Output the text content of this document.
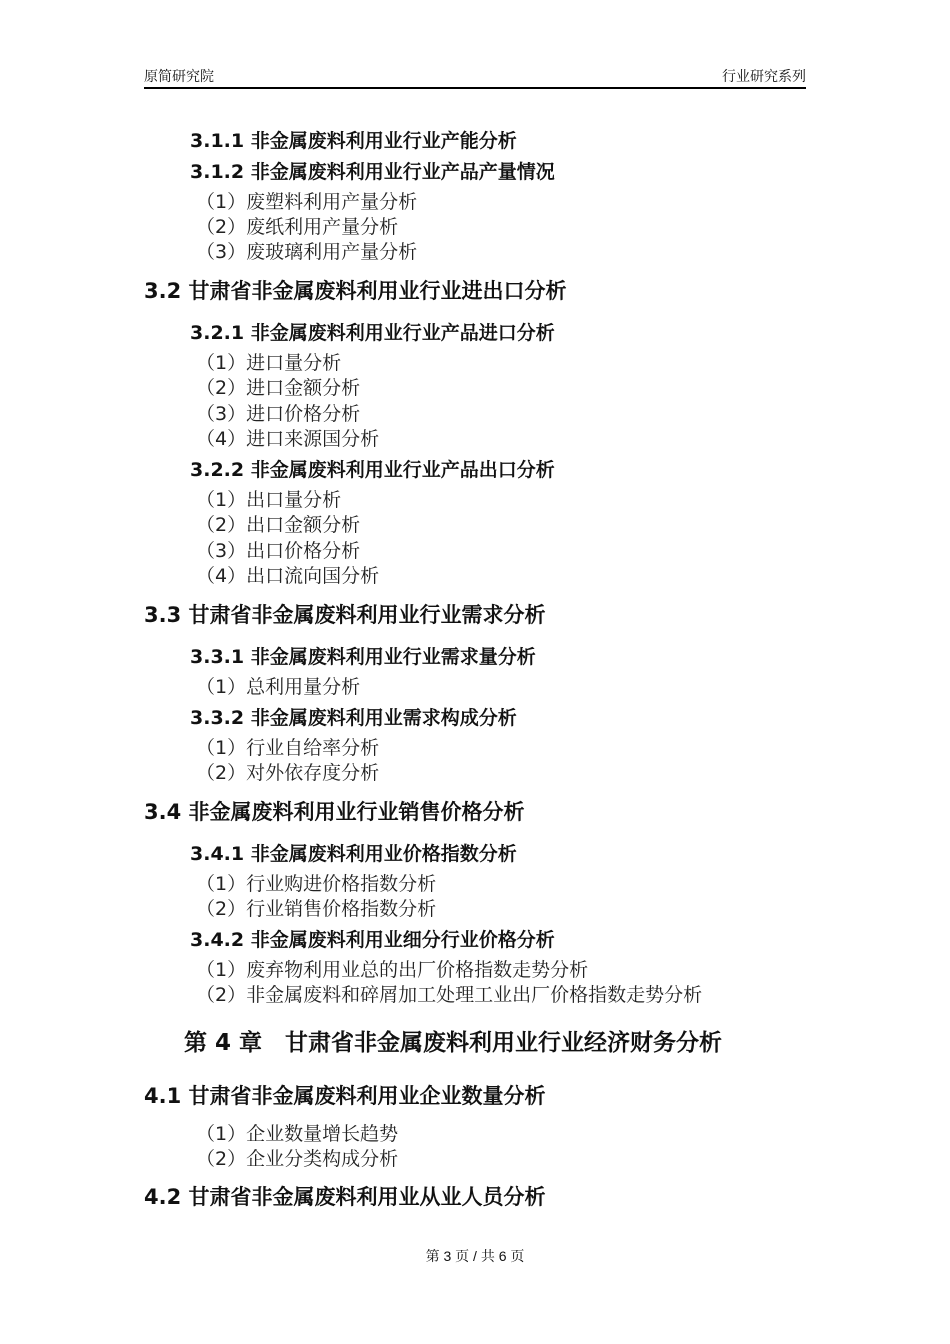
原简研究院	行业研究系列
3.1.1 非金属废料利用业行业产能分析
3.1.2 非金属废料利用业行业产品产量情况
（1）废塑料利用产量分析
（2）废纸利用产量分析
（3）废玻璃利用产量分析
3.2 甘肃省非金属废料利用业行业进出口分析
3.2.1 非金属废料利用业行业产品进口分析
（1）进口量分析
（2）进口金额分析
（3）进口价格分析
（4）进口来源国分析
3.2.2 非金属废料利用业行业产品出口分析
（1）出口量分析
（2）出口金额分析
（3）出口价格分析
（4）出口流向国分析
3.3 甘肃省非金属废料利用业行业需求分析
3.3.1 非金属废料利用业行业需求量分析
（1）总利用量分析
3.3.2 非金属废料利用业需求构成分析
（1）行业自给率分析
（2）对外依存度分析
3.4 非金属废料利用业行业销售价格分析
3.4.1 非金属废料利用业价格指数分析
（1）行业购进价格指数分析
（2）行业销售价格指数分析
3.4.2 非金属废料利用业细分行业价格分析
（1）废弃物利用业总的出厂价格指数走势分析
（2）非金属废料和碎屑加工处理工业出厂价格指数走势分析
第 4 章　甘肃省非金属废料利用业行业经济财务分析
4.1 甘肃省非金属废料利用业企业数量分析
（1）企业数量增长趋势
（2）企业分类构成分析
4.2 甘肃省非金属废料利用业从业人员分析
第 3 页 / 共 6 页
